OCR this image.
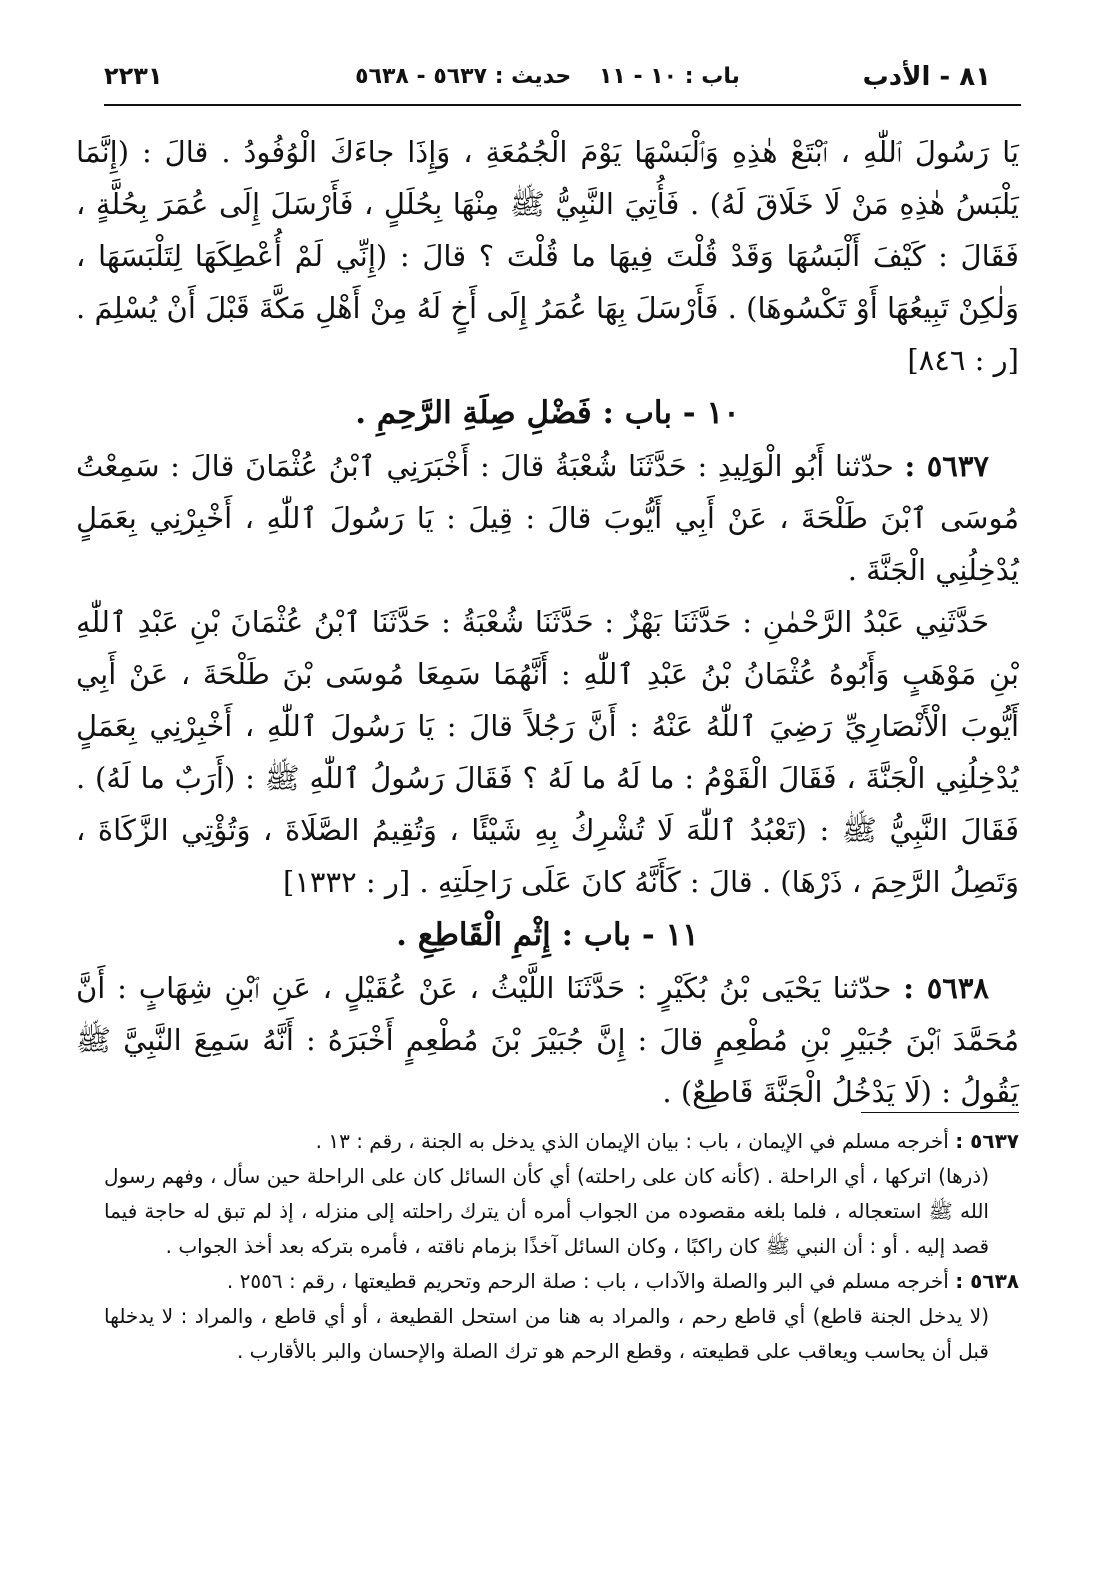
٨١ - الأدب
باب : ١٠ - ١١ حديث : ٥٦٣٧ - ٥٦٣٨
٢٢٣١

يَا رَسُولَ ٱللّٰهِ ، ٱبْتَعْ هٰذِهِ وَٱلْبَسْهَا يَوْمَ الْجُمُعَةِ ، وَإِذَا جاءَكَ الْوُفُودُ . قالَ : (إِنَّمَا يَلْبَسُ هٰذِهِ مَنْ لَا خَلَاقَ لَهُ) . فَأُتِيَ النَّبِيُّ ﷺ مِنْهَا بِحُلَلٍ ، فَأَرْسَلَ إِلَى عُمَرَ بِحُلَّةٍ ، فَقَالَ : كَيْفَ أَلْبَسُهَا وَقَدْ قُلْتَ فِيهَا ما قُلْتَ ؟ قالَ : (إِنِّي لَمْ أُعْطِكَهَا لِتَلْبَسَهَا ، وَلٰكِنْ تَبِيعُهَا أَوْ تَكْسُوهَا) . فَأَرْسَلَ بِهَا عُمَرُ إِلَى أَخٍ لَهُ مِنْ أَهْلِ مَكَّةَ قَبْلَ أَنْ يُسْلِمَ . [ر : ٨٤٦]

١٠ - باب : فَضْلِ صِلَةِ الرَّحِمِ .

٥٦٣٧ : حدّثنا أَبُو الْوَلِيدِ : حَدَّثَنَا شُعْبَةُ قالَ : أَخْبَرَنِي ٱبْنُ عُثْمَانَ قالَ : سَمِعْتُ مُوسَى ٱبْنَ طَلْحَةَ ، عَنْ أَبِي أَيُّوبَ قالَ : قِيلَ : يَا رَسُولَ ٱللّٰهِ ، أَخْبِرْنِي بِعَمَلٍ يُدْخِلُنِي الْجَنَّةَ .

حَدَّثَنِي عَبْدُ الرَّحْمٰنِ : حَدَّثَنَا بَهْزٌ : حَدَّثَنَا شُعْبَةُ : حَدَّثَنَا ٱبْنُ عُثْمَانَ بْنِ عَبْدِ ٱللّٰهِ بْنِ مَوْهَبٍ وَأَبُوهُ عُثْمَانُ بْنُ عَبْدِ ٱللّٰهِ : أَنَّهُمَا سَمِعَا مُوسَى بْنَ طَلْحَةَ ، عَنْ أَبِي أَيُّوبَ الْأَنْصَارِيِّ رَضِيَ ٱللّٰهُ عَنْهُ : أَنَّ رَجُلاً قالَ : يَا رَسُولَ ٱللّٰهِ ، أَخْبِرْنِي بِعَمَلٍ يُدْخِلُنِي الْجَنَّةَ ، فَقَالَ الْقَوْمُ : ما لَهُ ما لَهُ ؟ فَقَالَ رَسُولُ ٱللّٰهِ ﷺ : (أَرَبٌ ما لَهُ) . فَقَالَ النَّبِيُّ ﷺ : (تَعْبُدُ ٱللّٰهَ لَا تُشْرِكُ بِهِ شَيْئًا ، وَتُقِيمُ الصَّلَاةَ ، وَتُؤْتِي الزَّكَاةَ ، وَتَصِلُ الرَّحِمَ ، ذَرْهَا) . قالَ : كَأَنَّهُ كانَ عَلَى رَاحِلَتِهِ . [ر : ١٣٣٢]

١١ - باب : إِثْمِ الْقَاطِعِ .

٥٦٣٨ : حدّثنا يَحْيَى بْنُ بُكَيْرٍ : حَدَّثَنَا اللَّيْثُ ، عَنْ عُقَيْلٍ ، عَنِ ٱبْنِ شِهَابٍ : أَنَّ مُحَمَّدَ ٱبْنَ جُبَيْرِ بْنِ مُطْعِمٍ قالَ : إِنَّ جُبَيْرَ بْنَ مُطْعِمٍ أَخْبَرَهُ : أَنَّهُ سَمِعَ النَّبِيَّ ﷺ يَقُولُ : (لَا يَدْخُلُ الْجَنَّةَ قَاطِعٌ) .

٥٦٣٧ : أخرجه مسلم في الإيمان ، باب : بيان الإيمان الذي يدخل به الجنة ، رقم : ١٣ .

(ذرها) اتركها ، أي الراحلة . (كأنه كان على راحلته) أي كأن السائل كان على الراحلة حين سأل ، وفهم رسول الله ﷺ استعجاله ، فلما بلغه مقصوده من الجواب أمره أن يترك راحلته إلى منزله ، إذ لم تبق له حاجة فيما قصد إليه . أو : أن النبي ﷺ كان راكبًا ، وكان السائل آخذًا بزمام ناقته ، فأمره بتركه بعد أخذ الجواب .

٥٦٣٨ : أخرجه مسلم في البر والصلة والآداب ، باب : صلة الرحم وتحريم قطيعتها ، رقم : ٢٥٥٦ .

(لا يدخل الجنة قاطع) أي قاطع رحم ، والمراد به هنا من استحل القطيعة ، أو أي قاطع ، والمراد : لا يدخلها قبل أن يحاسب ويعاقب على قطيعته ، وقطع الرحم هو ترك الصلة والإحسان والبر بالأقارب .
